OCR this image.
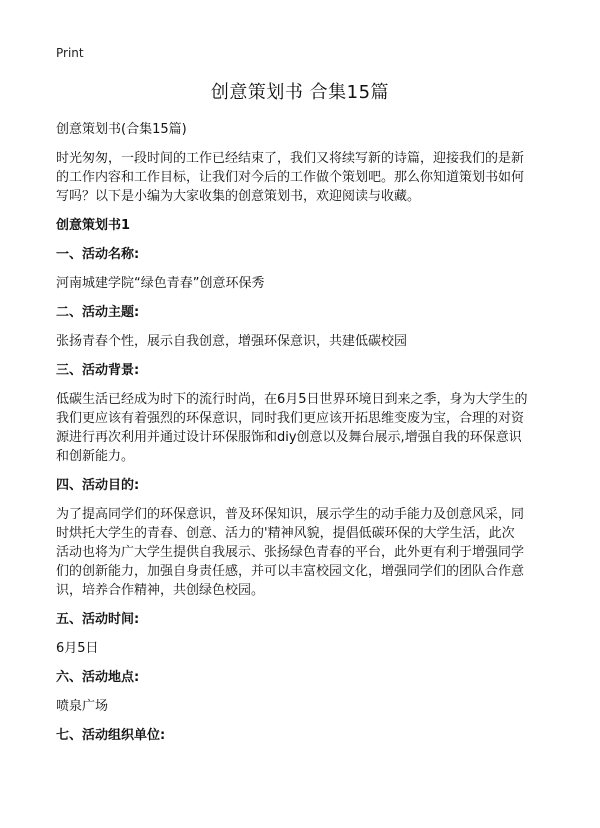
Print
创意策划书 合集15篇
创意策划书(合集15篇)
时光匆匆，一段时间的工作已经结束了，我们又将续写新的诗篇，迎接我们的是新
的工作内容和工作目标，让我们对今后的工作做个策划吧。那么你知道策划书如何
写吗？以下是小编为大家收集的创意策划书，欢迎阅读与收藏。
创意策划书1
一、活动名称:
河南城建学院“绿色青春”创意环保秀
二、活动主题:
张扬青春个性，展示自我创意，增强环保意识，共建低碳校园
三、活动背景:
低碳生活已经成为时下的流行时尚，在6月5日世界环境日到来之季，身为大学生的
我们更应该有着强烈的环保意识，同时我们更应该开拓思维变废为宝，合理的对资
源进行再次利用并通过设计环保服饰和diy创意以及舞台展示,增强自我的环保意识
和创新能力。
四、活动目的:
为了提高同学们的环保意识，普及环保知识，展示学生的动手能力及创意风采，同
时烘托大学生的青春、创意、活力的'精神风貌，提倡低碳环保的大学生活，此次
活动也将为广大学生提供自我展示、张扬绿色青春的平台，此外更有利于增强同学
们的创新能力，加强自身责任感，并可以丰富校园文化，增强同学们的团队合作意
识，培养合作精神，共创绿色校园。
五、活动时间:
6月5日
六、活动地点:
喷泉广场
七、活动组织单位:
